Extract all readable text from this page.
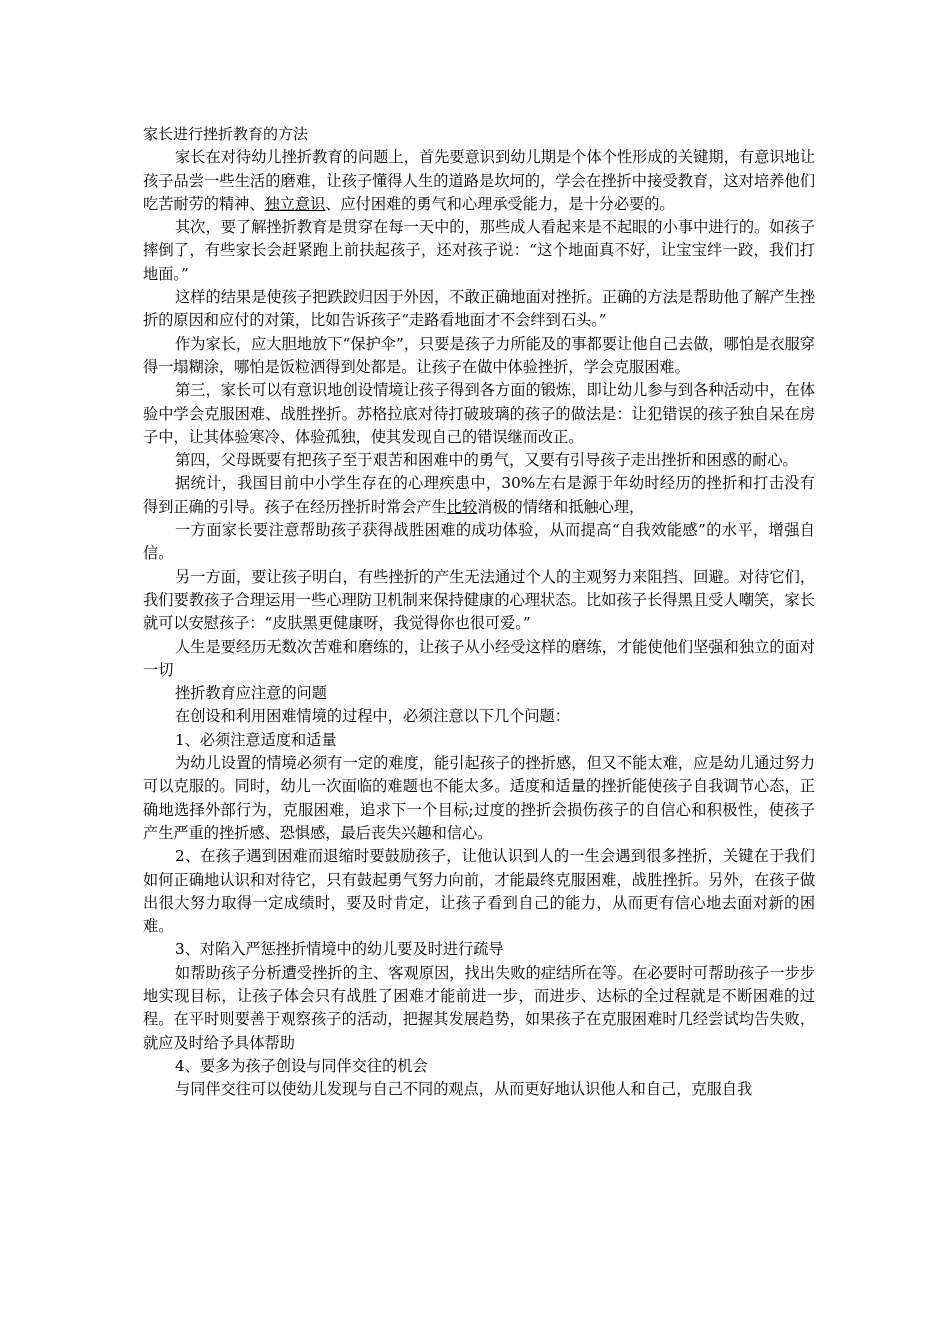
家长进行挫折教育的方法

家长在对待幼儿挫折教育的问题上，首先要意识到幼儿期是个体个性形成的关键期，有意识地让孩子品尝一些生活的磨难，让孩子懂得人生的道路是坎坷的，学会在挫折中接受教育，这对培养他们吃苦耐劳的精神、独立意识、应付困难的勇气和心理承受能力，是十分必要的。

其次，要了解挫折教育是贯穿在每一天中的，那些成人看起来是不起眼的小事中进行的。如孩子摔倒了，有些家长会赶紧跑上前扶起孩子，还对孩子说：“这个地面真不好，让宝宝绊一跤，我们打地面。”

这样的结果是使孩子把跌跤归因于外因，不敢正确地面对挫折。正确的方法是帮助他了解产生挫折的原因和应付的对策，比如告诉孩子“走路看地面才不会绊到石头。”

作为家长，应大胆地放下“保护伞”，只要是孩子力所能及的事都要让他自己去做，哪怕是衣服穿得一塌糊涂，哪怕是饭粒洒得到处都是。让孩子在做中体验挫折，学会克服困难。

第三，家长可以有意识地创设情境让孩子得到各方面的锻炼，即让幼儿参与到各种活动中，在体验中学会克服困难、战胜挫折。苏格拉底对待打破玻璃的孩子的做法是：让犯错误的孩子独自呆在房子中，让其体验寒冷、体验孤独，使其发现自己的错误继而改正。

第四，父母既要有把孩子至于艰苦和困难中的勇气，又要有引导孩子走出挫折和困惑的耐心。

据统计，我国目前中小学生存在的心理疾患中，30%左右是源于年幼时经历的挫折和打击没有得到正确的引导。孩子在经历挫折时常会产生比较消极的情绪和抵触心理，

一方面家长要注意帮助孩子获得战胜困难的成功体验，从而提高“自我效能感”的水平，增强自信。

另一方面，要让孩子明白，有些挫折的产生无法通过个人的主观努力来阻挡、回避。对待它们，我们要教孩子合理运用一些心理防卫机制来保持健康的心理状态。比如孩子长得黑且受人嘲笑，家长就可以安慰孩子：“皮肤黑更健康呀，我觉得你也很可爱。”

人生是要经历无数次苦难和磨练的，让孩子从小经受这样的磨练，才能使他们坚强和独立的面对一切

挫折教育应注意的问题

在创设和利用困难情境的过程中，必须注意以下几个问题：

1、必须注意适度和适量

为幼儿设置的情境必须有一定的难度，能引起孩子的挫折感，但又不能太难，应是幼儿通过努力可以克服的。同时，幼儿一次面临的难题也不能太多。适度和适量的挫折能使孩子自我调节心态，正确地选择外部行为，克服困难，追求下一个目标;过度的挫折会损伤孩子的自信心和积极性，使孩子产生严重的挫折感、恐惧感，最后丧失兴趣和信心。

2、在孩子遇到困难而退缩时要鼓励孩子，让他认识到人的一生会遇到很多挫折，关键在于我们如何正确地认识和对待它，只有鼓起勇气努力向前，才能最终克服困难，战胜挫折。另外，在孩子做出很大努力取得一定成绩时，要及时肯定，让孩子看到自己的能力，从而更有信心地去面对新的困难。

3、对陷入严惩挫折情境中的幼儿要及时进行疏导

如帮助孩子分析遭受挫折的主、客观原因，找出失败的症结所在等。在必要时可帮助孩子一步步地实现目标，让孩子体会只有战胜了困难才能前进一步，而进步、达标的全过程就是不断困难的过程。在平时则要善于观察孩子的活动，把握其发展趋势，如果孩子在克服困难时几经尝试均告失败，就应及时给予具体帮助

4、要多为孩子创设与同伴交往的机会

与同伴交往可以使幼儿发现与自己不同的观点，从而更好地认识他人和自己，克服自我
